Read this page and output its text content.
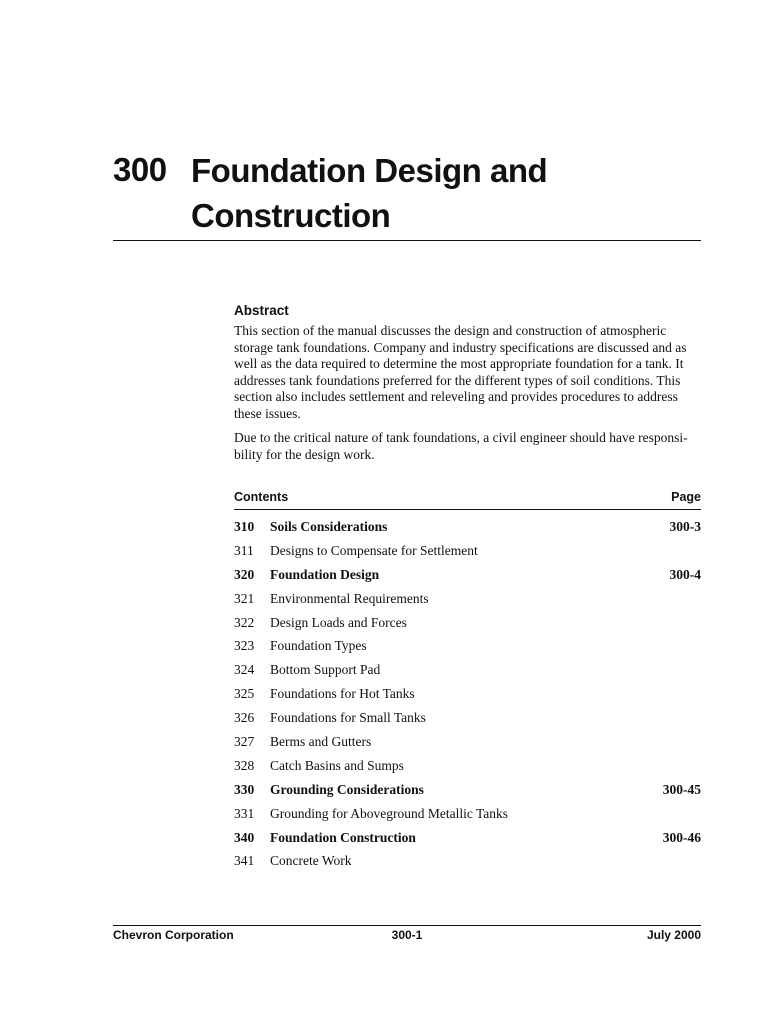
300 Foundation Design and Construction
Abstract

This section of the manual discusses the design and construction of atmospheric storage tank foundations. Company and industry specifications are discussed and as well as the data required to determine the most appropriate foundation for a tank. It addresses tank foundations preferred for the different types of soil conditions. This section also includes settlement and releveling and provides procedures to address these issues.

Due to the critical nature of tank foundations, a civil engineer should have responsi-bility for the design work.

Contents	Page
310	Soils Considerations	300-3
311	Designs to Compensate for Settlement
320	Foundation Design	300-4
321	Environmental Requirements
322	Design Loads and Forces
323	Foundation Types
324	Bottom Support Pad
325	Foundations for Hot Tanks
326	Foundations for Small Tanks
327	Berms and Gutters
328	Catch Basins and Sumps
330	Grounding Considerations	300-45
331	Grounding for Aboveground Metallic Tanks
340	Foundation Construction	300-46
341	Concrete Work
Chevron Corporation	300-1	July 2000
